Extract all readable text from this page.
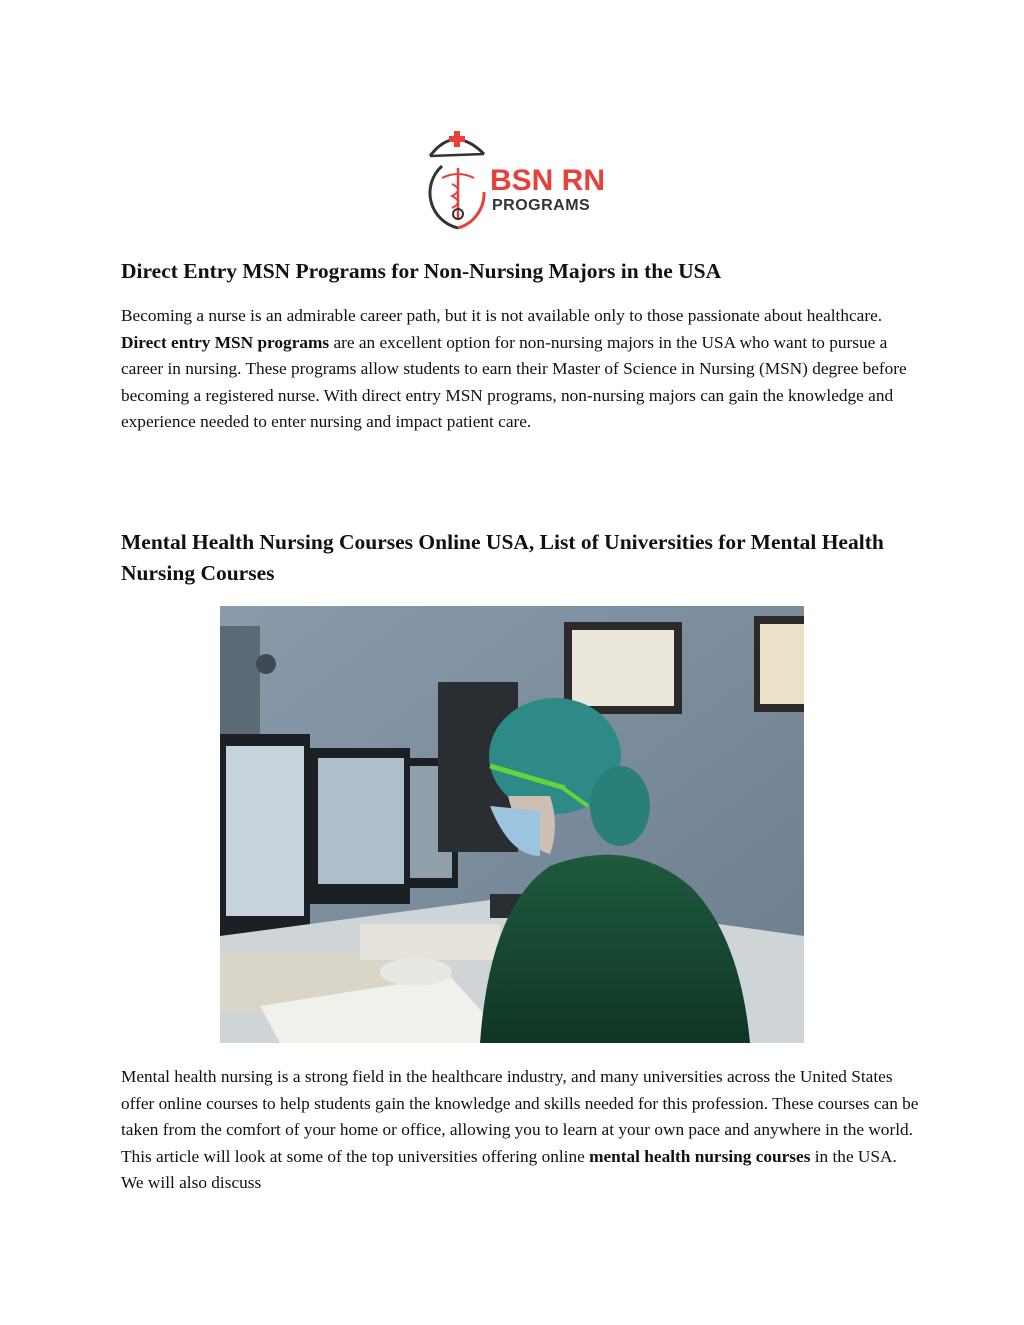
BSN RN
PROGRAMS
Direct Entry MSN Programs for Non-Nursing Majors in the USA

Becoming a nurse is an admirable career path, but it is not available only to those passionate about healthcare. Direct entry MSN programs are an excellent option for non-nursing majors in the USA who want to pursue a career in nursing. These programs allow students to earn their Master of Science in Nursing (MSN) degree before becoming a registered nurse. With direct entry MSN programs, non-nursing majors can gain the knowledge and experience needed to enter nursing and impact patient care.

Mental Health Nursing Courses Online USA, List of Universities for Mental Health Nursing Courses

Mental health nursing is a strong field in the healthcare industry, and many universities across the United States offer online courses to help students gain the knowledge and skills needed for this profession. These courses can be taken from the comfort of your home or office, allowing you to learn at your own pace and anywhere in the world. This article will look at some of the top universities offering online mental health nursing courses in the USA. We will also discuss
